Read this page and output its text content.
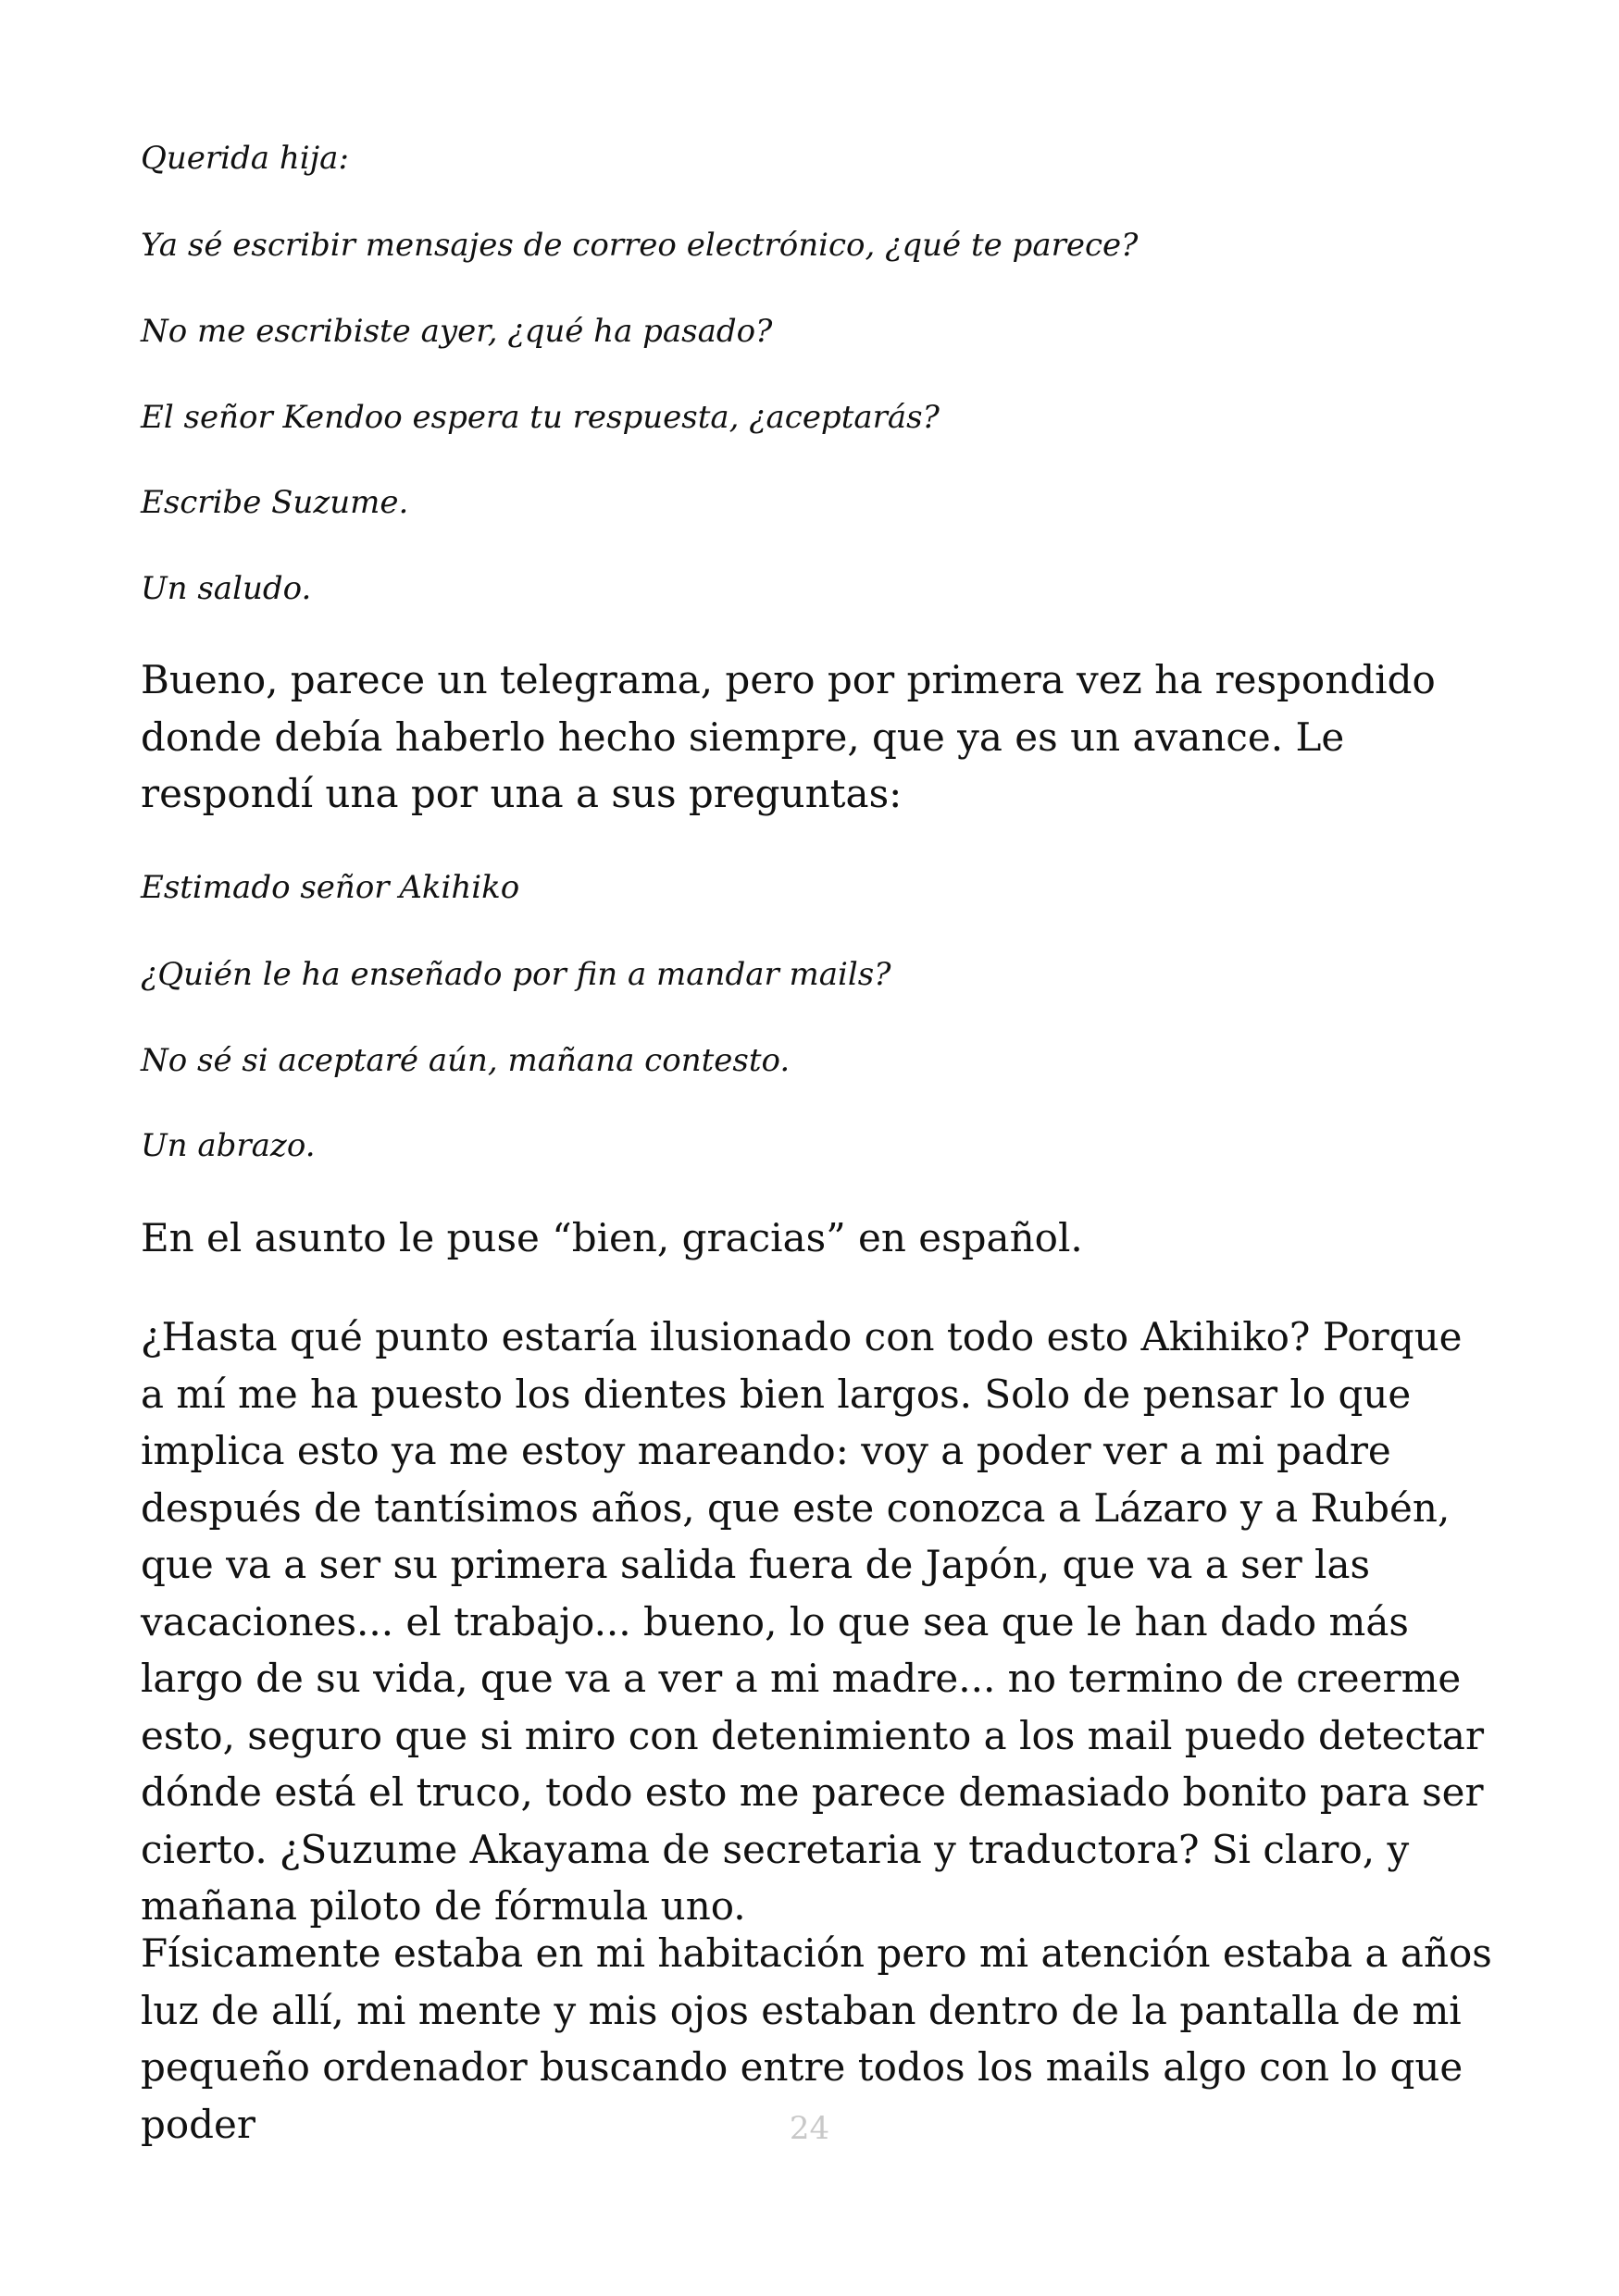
Querida hija:

Ya sé escribir mensajes de correo electrónico, ¿qué te parece?

No me escribiste ayer, ¿qué ha pasado?

El señor Kendoo espera tu respuesta, ¿aceptarás?

Escribe Suzume.

Un saludo.

Bueno, parece un telegrama, pero por primera vez ha respondido donde debía haberlo hecho siempre, que ya es un avance. Le respondí una por una a sus preguntas:

Estimado señor Akihiko

¿Quién le ha enseñado por fin a mandar mails?

No sé si aceptaré aún, mañana contesto.

Un abrazo.

En el asunto le puse “bien, gracias” en español.

¿Hasta qué punto estaría ilusionado con todo esto Akihiko? Porque a mí me ha puesto los dientes bien largos. Solo de pensar lo que implica esto ya me estoy mareando: voy a poder ver a mi padre después de tantísimos años, que este conozca a Lázaro y a Rubén, que va a ser su primera salida fuera de Japón, que va a ser las vacaciones... el trabajo... bueno, lo que sea que le han dado más largo de su vida, que va a ver a mi madre... no termino de creerme esto, seguro que si miro con detenimiento a los mail puedo detectar dónde está el truco, todo esto me parece demasiado bonito para ser cierto. ¿Suzume Akayama de secretaria y traductora? Si claro, y mañana piloto de fórmula uno.

Físicamente estaba en mi habitación pero mi atención estaba a años luz de allí, mi mente y mis ojos estaban dentro de la pantalla de mi pequeño ordenador buscando entre todos los mails algo con lo que poder	24
